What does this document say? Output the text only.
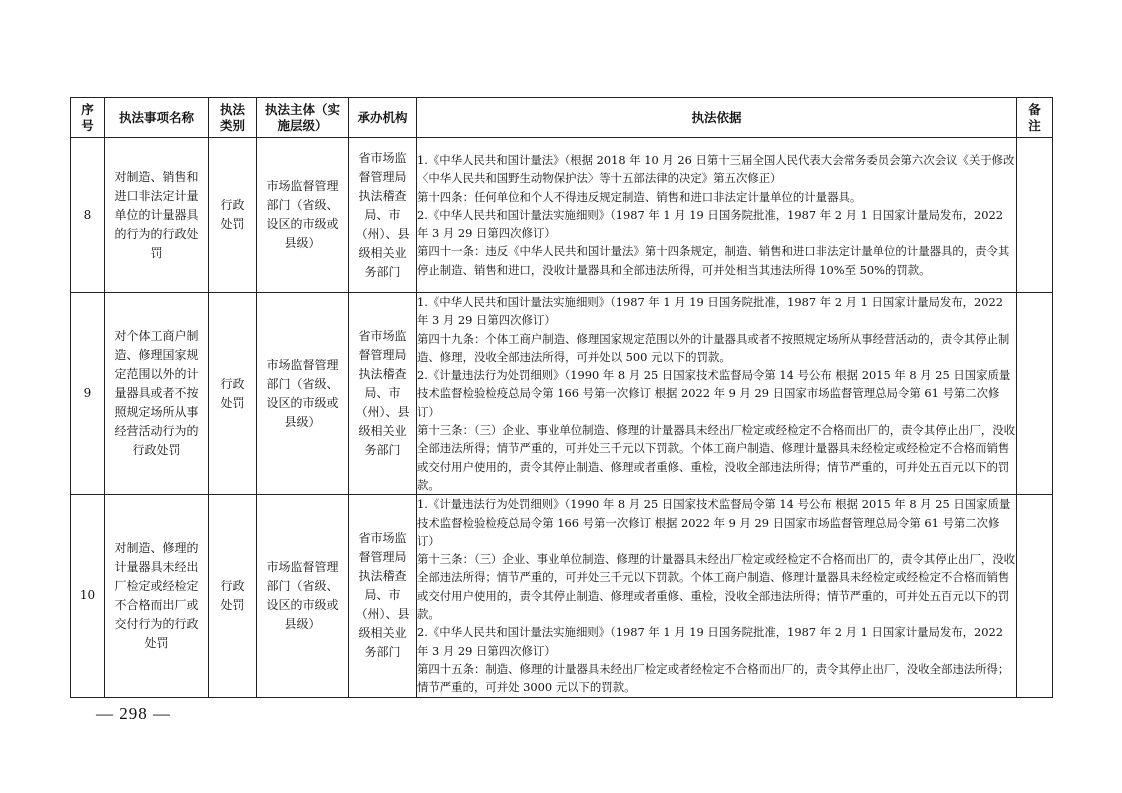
序号	执法事项名称	执法类别	执法主体（实施层级）	承办机构	执法依据	备注
8	对制造、销售和进口非法定计量单位的计量器具的行为的行政处罚	行政处罚	市场监督管理部门（省级、设区的市级或县级）	省市场监督管理局执法稽查局、市（州）、县级相关业务部门	1.《中华人民共和国计量法》（根据 2018 年 10 月 26 日第十三届全国人民代表大会常务委员会第六次会议《关于修改〈中华人民共和国野生动物保护法〉等十五部法律的决定》第五次修正）

第十四条：任何单位和个人不得违反规定制造、销售和进口非法定计量单位的计量器具。

2.《中华人民共和国计量法实施细则》（1987 年 1 月 19 日国务院批准，1987 年 2 月 1 日国家计量局发布，2022 年 3 月 29 日第四次修订）

第四十一条：违反《中华人民共和国计量法》第十四条规定，制造、销售和进口非法定计量单位的计量器具的，责令其停止制造、销售和进口，没收计量器具和全部违法所得，可并处相当其违法所得 10%至 50%的罚款。	

9	对个体工商户制造、修理国家规定范围以外的计量器具或者不按照规定场所从事经营活动行为的行政处罚	行政处罚	市场监督管理部门（省级、设区的市级或县级）	省市场监督管理局执法稽查局、市（州）、县级相关业务部门	1.《中华人民共和国计量法实施细则》（1987 年 1 月 19 日国务院批准，1987 年 2 月 1 日国家计量局发布，2022 年 3 月 29 日第四次修订）

第四十九条：个体工商户制造、修理国家规定范围以外的计量器具或者不按照规定场所从事经营活动的，责令其停止制造、修理，没收全部违法所得，可并处以 500 元以下的罚款。

2.《计量违法行为处罚细则》（1990 年 8 月 25 日国家技术监督局令第 14 号公布 根据 2015 年 8 月 25 日国家质量技术监督检验检疫总局令第 166 号第一次修订 根据 2022 年 9 月 29 日国家市场监督管理总局令第 61 号第二次修订）

第十三条：（三）企业、事业单位制造、修理的计量器具未经出厂检定或经检定不合格而出厂的，责令其停止出厂，没收全部违法所得；情节严重的，可并处三千元以下罚款。个体工商户制造、修理计量器具未经检定或经检定不合格而销售或交付用户使用的，责令其停止制造、修理或者重修、重检，没收全部违法所得；情节严重的，可并处五百元以下的罚款。	

10	对制造、修理的计量器具未经出厂检定或经检定不合格而出厂或交付行为的行政处罚	行政处罚	市场监督管理部门（省级、设区的市级或县级）	省市场监督管理局执法稽查局、市（州）、县级相关业务部门	1.《计量违法行为处罚细则》（1990 年 8 月 25 日国家技术监督局令第 14 号公布 根据 2015 年 8 月 25 日国家质量技术监督检验检疫总局令第 166 号第一次修订 根据 2022 年 9 月 29 日国家市场监督管理总局令第 61 号第二次修订）

第十三条：（三）企业、事业单位制造、修理的计量器具未经出厂检定或经检定不合格而出厂的，责令其停止出厂，没收全部违法所得；情节严重的，可并处三千元以下罚款。个体工商户制造、修理计量器具未经检定或经检定不合格而销售或交付用户使用的，责令其停止制造、修理或者重修、重检，没收全部违法所得；情节严重的，可并处五百元以下的罚款。

2.《中华人民共和国计量法实施细则》（1987 年 1 月 19 日国务院批准，1987 年 2 月 1 日国家计量局发布，2022 年 3 月 29 日第四次修订）

第四十五条：制造、修理的计量器具未经出厂检定或者经检定不合格而出厂的，责令其停止出厂，没收全部违法所得；情节严重的，可并处 3000 元以下的罚款。	

— 298 —
